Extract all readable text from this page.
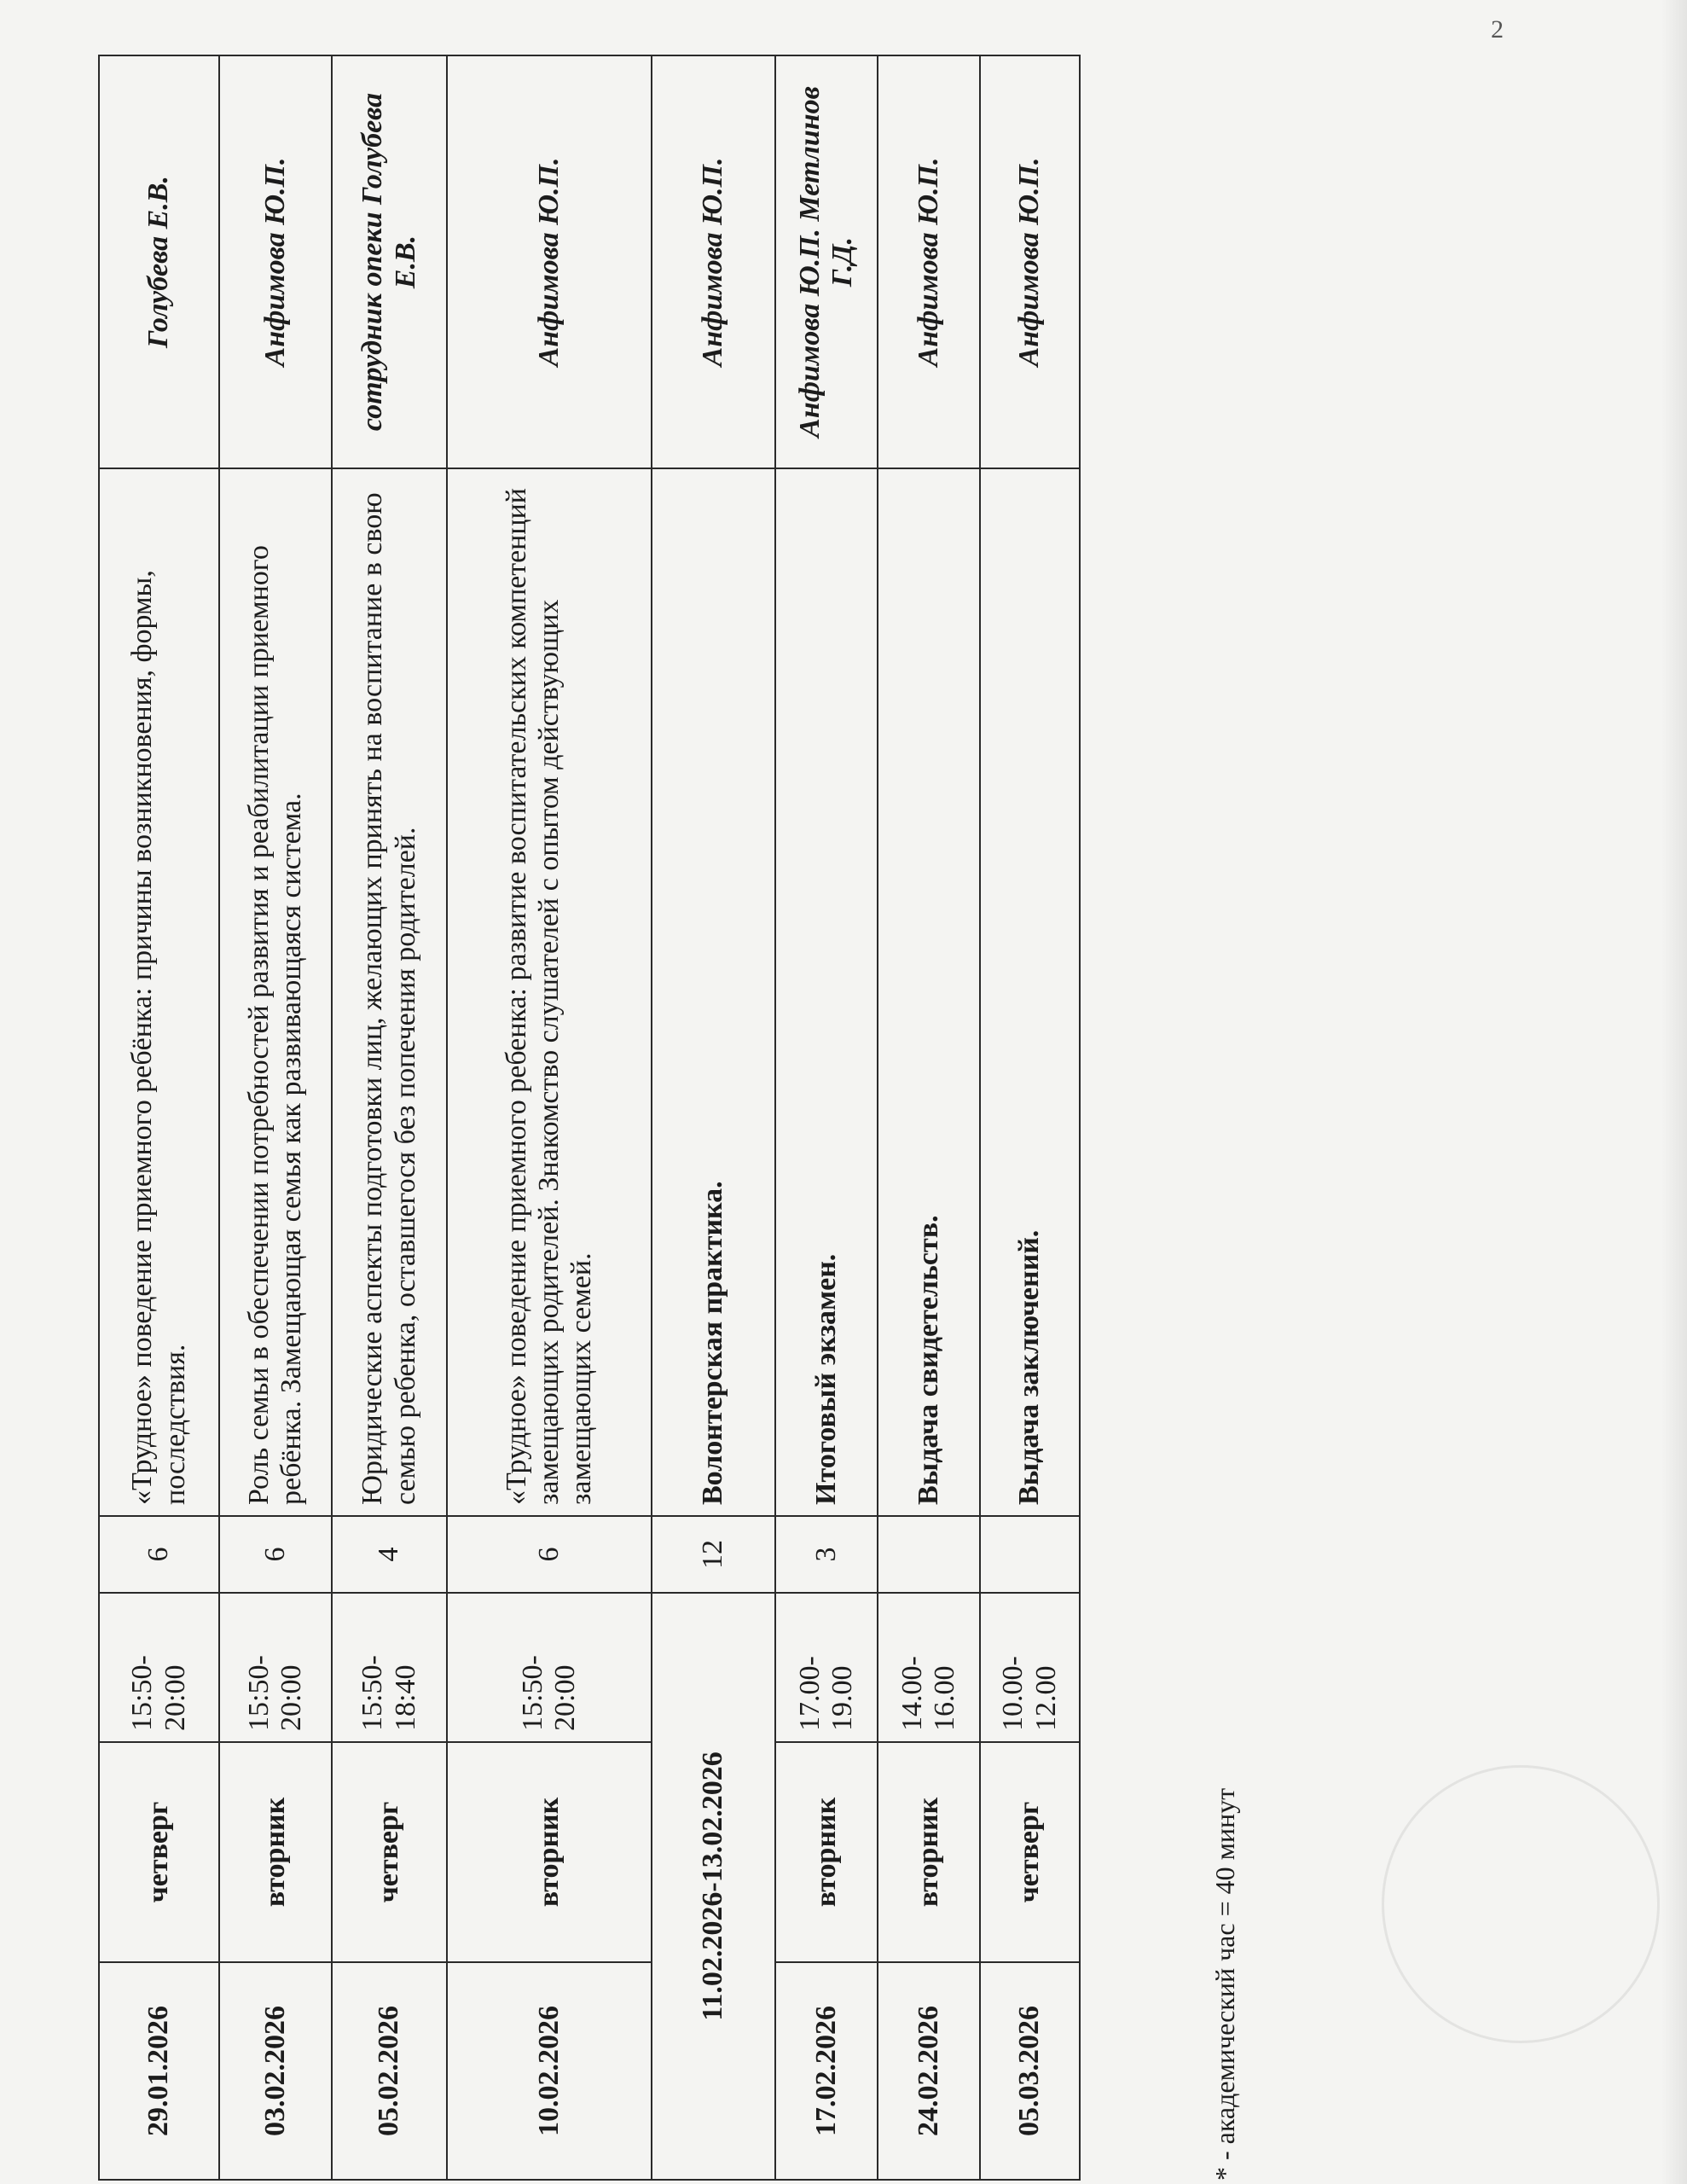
2
29.01.2026	четверг	15:50-20:00	6	«Трудное» поведение приемного ребёнка: причины возникновения, формы, последствия.	Голубева Е.В.
03.02.2026	вторник	15:50-20:00	6	Роль семьи в обеспечении потребностей развития и реабилитации приемного ребёнка. Замещающая семья как развивающаяся система.	Анфимова Ю.П.
05.02.2026	четверг	15:50-18:40	4	Юридические аспекты подготовки лиц, желающих принять на воспитание в свою семью ребенка, оставшегося без попечения родителей.	сотрудник опеки Голубева Е.В.
10.02.2026	вторник	15:50-20:00	6	«Трудное» поведение приемного ребенка: развитие воспитательских компетенций замещающих родителей. Знакомство слушателей с опытом действующих замещающих семей.	Анфимова Ю.П.
11.02.2026-13.02.2026			12	Волонтерская практика.	Анфимова Ю.П.
17.02.2026	вторник	17.00-19.00	3	Итоговый экзамен.	Анфимова Ю.П. Метлинов Г.Д.
24.02.2026	вторник	14.00-16.00		Выдача свидетельств.	Анфимова Ю.П.
05.03.2026	четверг	10.00-12.00		Выдача заключений.	Анфимова Ю.П.
* - академический час = 40 минут
